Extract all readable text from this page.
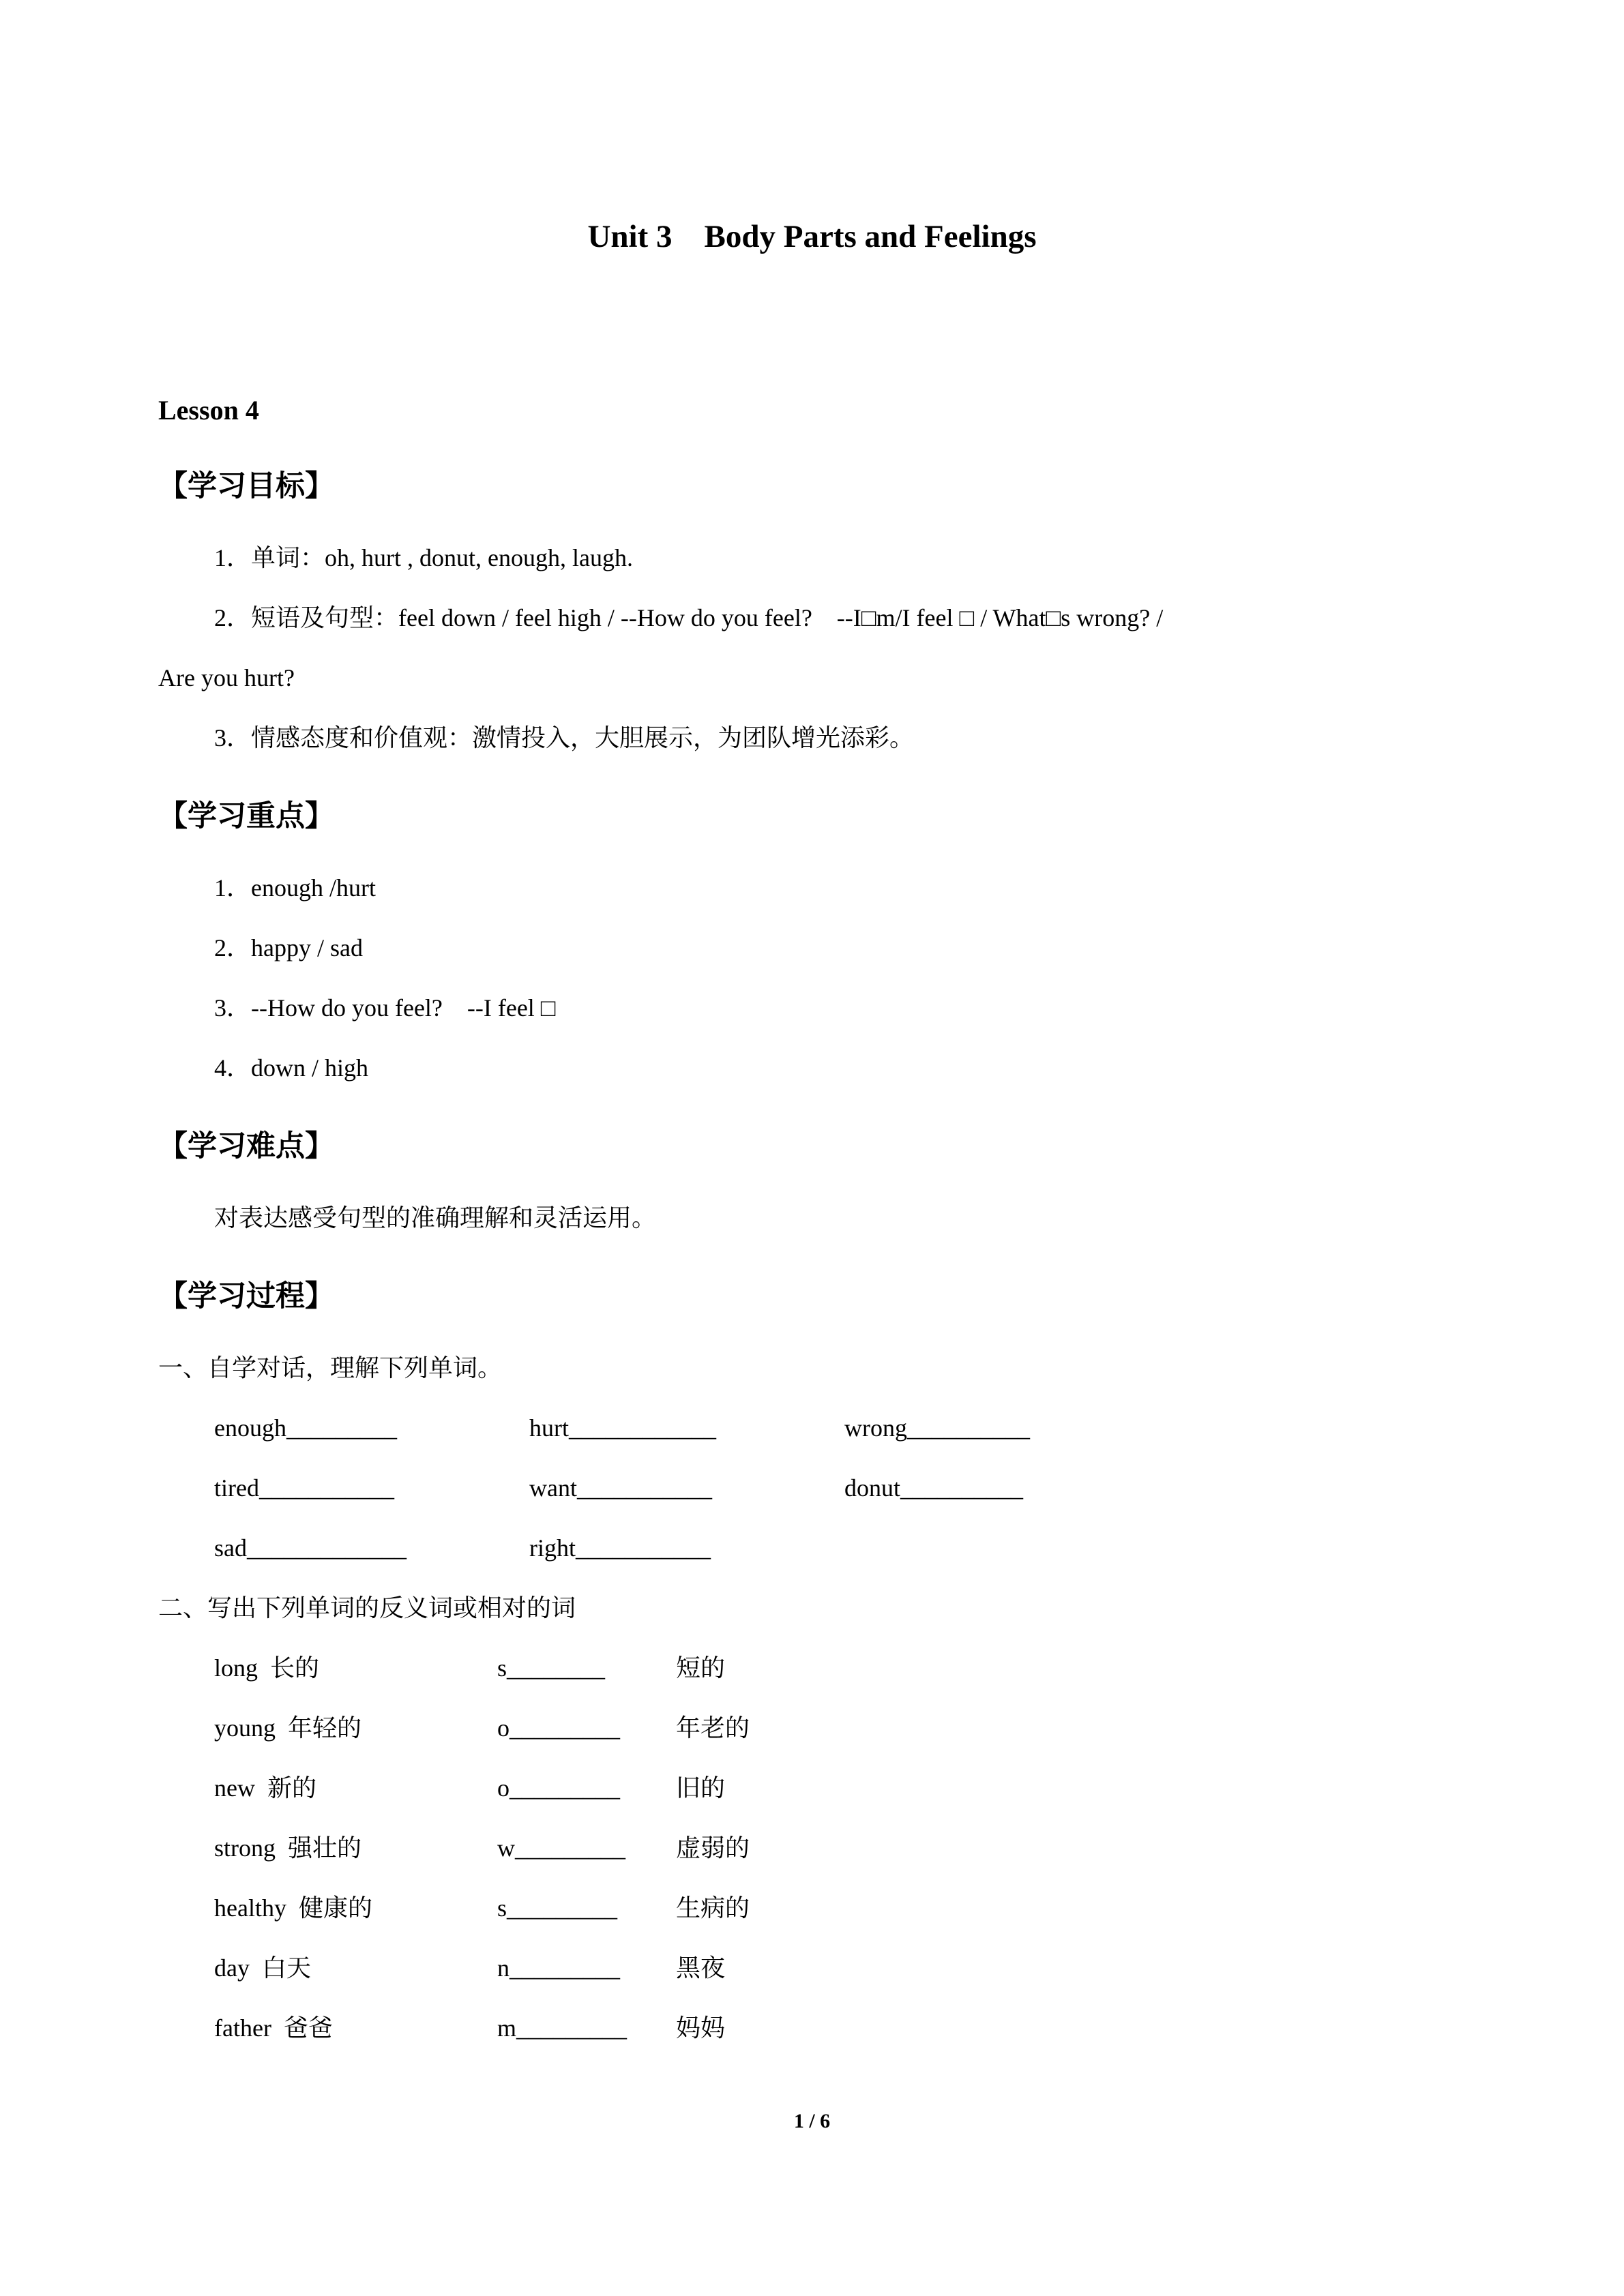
Unit 3    Body Parts and Feelings
Lesson 4
【学习目标】

1．单词：oh, hurt , donut, enough, laugh.

2．短语及句型：feel down / feel high / --How do you feel?    --I□m/I feel □ / What□s wrong? /

Are you hurt?

3．情感态度和价值观：激情投入，大胆展示，为团队增光添彩。

【学习重点】

1．enough /hurt

2．happy / sad

3．--How do you feel?    --I feel □

4．down / high

【学习难点】

对表达感受句型的准确理解和灵活运用。

【学习过程】

一、自学对话，理解下列单词。

enough_________	hurt____________	wrong__________

tired___________	want___________	donut__________

sad_____________	right___________

二、写出下列单词的反义词或相对的词

long 长的	s________	短的

young 年轻的	o_________	年老的

new 新的	o_________	旧的

strong 强壮的	w_________	虚弱的

healthy 健康的	s_________	生病的

day 白天	n_________	黑夜

father 爸爸	m_________	妈妈

1 / 6
